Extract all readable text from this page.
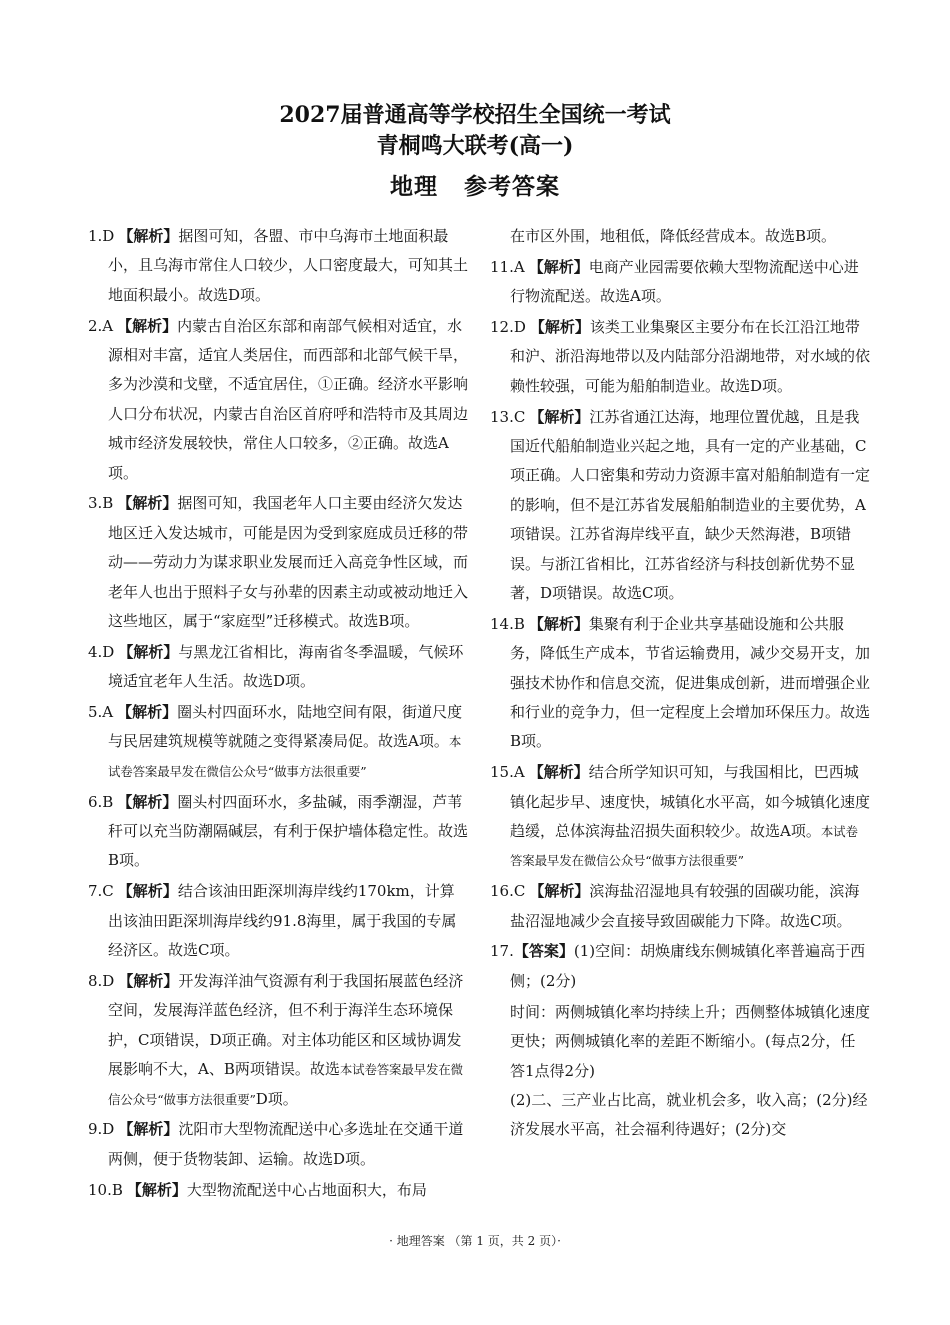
2027届普通高等学校招生全国统一考试
青桐鸣大联考(高一)
地理 参考答案
1.D 【解析】据图可知，各盟、市中乌海市土地面积最小，且乌海市常住人口较少，人口密度最大，可知其土地面积最小。故选D项。
2.A 【解析】内蒙古自治区东部和南部气候相对适宜，水源相对丰富，适宜人类居住，而西部和北部气候干旱，多为沙漠和戈壁，不适宜居住，①正确。经济水平影响人口分布状况，内蒙古自治区首府呼和浩特市及其周边城市经济发展较快，常住人口较多，②正确。故选A项。
3.B 【解析】据图可知，我国老年人口主要由经济欠发达地区迁入发达城市，可能是因为受到家庭成员迁移的带动——劳动力为谋求职业发展而迁入高竞争性区域，而老年人也出于照料子女与孙辈的因素主动或被动地迁入这些地区，属于“家庭型”迁移模式。故选B项。
4.D 【解析】与黑龙江省相比，海南省冬季温暖，气候环境适宜老年人生活。故选D项。
5.A 【解析】圈头村四面环水，陆地空间有限，街道尺度与民居建筑规模等就随之变得紧凑局促。故选A项。本试卷答案最早发在微信公众号“做事方法很重要”
6.B 【解析】圈头村四面环水，多盐碱，雨季潮湿，芦苇秆可以充当防潮隔碱层，有利于保护墙体稳定性。故选B项。
7.C 【解析】结合该油田距深圳海岸线约170km，计算出该油田距深圳海岸线约91.8海里，属于我国的专属经济区。故选C项。
8.D 【解析】开发海洋油气资源有利于我国拓展蓝色经济空间，发展海洋蓝色经济，但不利于海洋生态环境保护，C项错误，D项正确。对主体功能区和区域协调发展影响不大，A、B两项错误。故选本试卷答案最早发在微信公众号“做事方法很重要”D项。
9.D 【解析】沈阳市大型物流配送中心多选址在交通干道两侧，便于货物装卸、运输。故选D项。
10.B 【解析】大型物流配送中心占地面积大，布局
在市区外围，地租低，降低经营成本。故选B项。
11.A 【解析】电商产业园需要依赖大型物流配送中心进行物流配送。故选A项。
12.D 【解析】该类工业集聚区主要分布在长江沿江地带和沪、浙沿海地带以及内陆部分沿湖地带，对水域的依赖性较强，可能为船舶制造业。故选D项。
13.C 【解析】江苏省通江达海，地理位置优越，且是我国近代船舶制造业兴起之地，具有一定的产业基础，C项正确。人口密集和劳动力资源丰富对船舶制造有一定的影响，但不是江苏省发展船舶制造业的主要优势，A项错误。江苏省海岸线平直，缺少天然海港，B项错误。与浙江省相比，江苏省经济与科技创新优势不显著，D项错误。故选C项。
14.B 【解析】集聚有利于企业共享基础设施和公共服务，降低生产成本，节省运输费用，减少交易开支，加强技术协作和信息交流，促进集成创新，进而增强企业和行业的竞争力，但一定程度上会增加环保压力。故选B项。
15.A 【解析】结合所学知识可知，与我国相比，巴西城镇化起步早、速度快，城镇化水平高，如今城镇化速度趋缓，总体滨海盐沼损失面积较少。故选A项。本试卷答案最早发在微信公众号“做事方法很重要”
16.C 【解析】滨海盐沼湿地具有较强的固碳功能，滨海盐沼湿地减少会直接导致固碳能力下降。故选C项。
17.【答案】(1)空间：胡焕庸线东侧城镇化率普遍高于西侧；(2分)
时间：两侧城镇化率均持续上升；西侧整体城镇化速度更快；两侧城镇化率的差距不断缩小。(每点2分，任答1点得2分)
(2)二、三产业占比高，就业机会多，收入高；(2分)经济发展水平高，社会福利待遇好；(2分)交
· 地理答案 （第 1 页，共 2 页）·
